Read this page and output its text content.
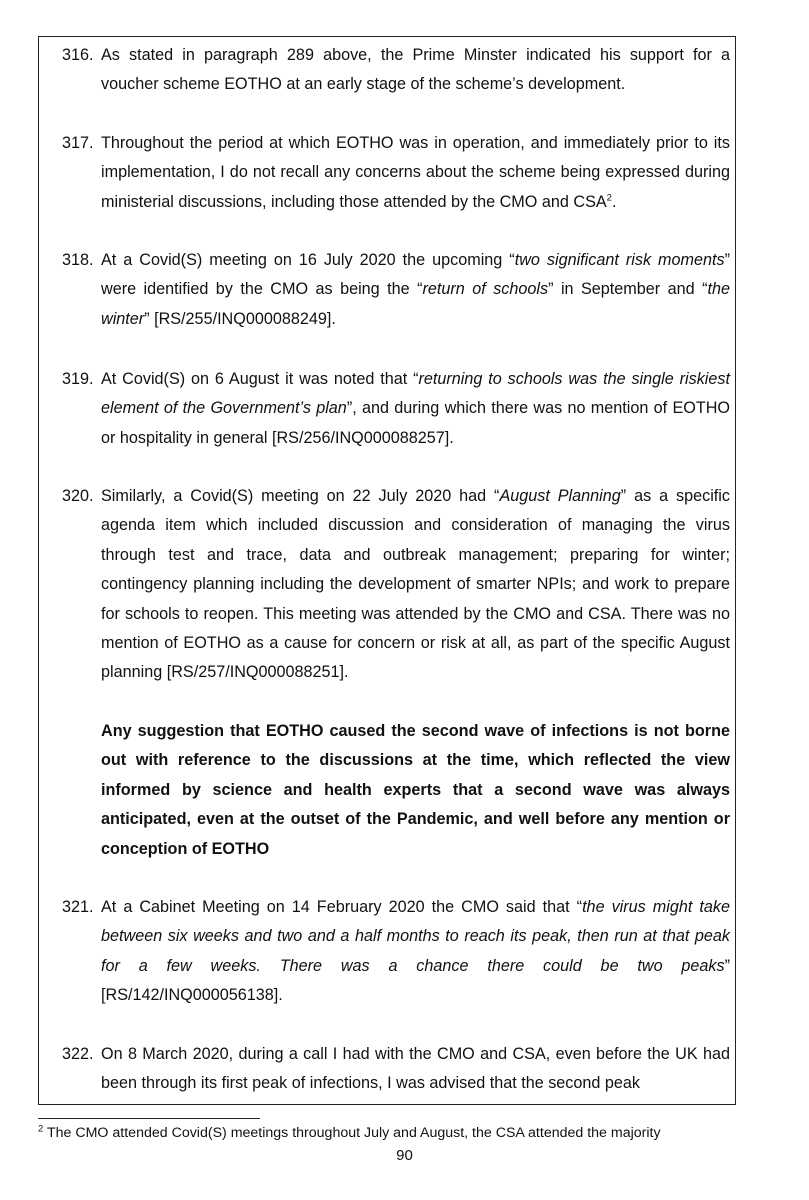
316. As stated in paragraph 289 above, the Prime Minster indicated his support for a voucher scheme EOTHO at an early stage of the scheme’s development.
317. Throughout the period at which EOTHO was in operation, and immediately prior to its implementation, I do not recall any concerns about the scheme being expressed during ministerial discussions, including those attended by the CMO and CSA$^2$.
318. At a Covid(S) meeting on 16 July 2020 the upcoming “two significant risk moments” were identified by the CMO as being the “return of schools” in September and “the winter” [RS/255/INQ000088249].
319. At Covid(S) on 6 August it was noted that “returning to schools was the single riskiest element of the Government’s plan”, and during which there was no mention of EOTHO or hospitality in general [RS/256/INQ000088257].
320. Similarly, a Covid(S) meeting on 22 July 2020 had “August Planning” as a specific agenda item which included discussion and consideration of managing the virus through test and trace, data and outbreak management; preparing for winter; contingency planning including the development of smarter NPIs; and work to prepare for schools to reopen. This meeting was attended by the CMO and CSA. There was no mention of EOTHO as a cause for concern or risk at all, as part of the specific August planning [RS/257/INQ000088251].
Any suggestion that EOTHO caused the second wave of infections is not borne out with reference to the discussions at the time, which reflected the view informed by science and health experts that a second wave was always anticipated, even at the outset of the Pandemic, and well before any mention or conception of EOTHO
321. At a Cabinet Meeting on 14 February 2020 the CMO said that “the virus might take between six weeks and two and a half months to reach its peak, then run at that peak for a few weeks. There was a chance there could be two peaks” [RS/142/INQ000056138].
322. On 8 March 2020, during a call I had with the CMO and CSA, even before the UK had been through its first peak of infections, I was advised that the second peak
$^2$ The CMO attended Covid(S) meetings throughout July and August, the CSA attended the majority
90
